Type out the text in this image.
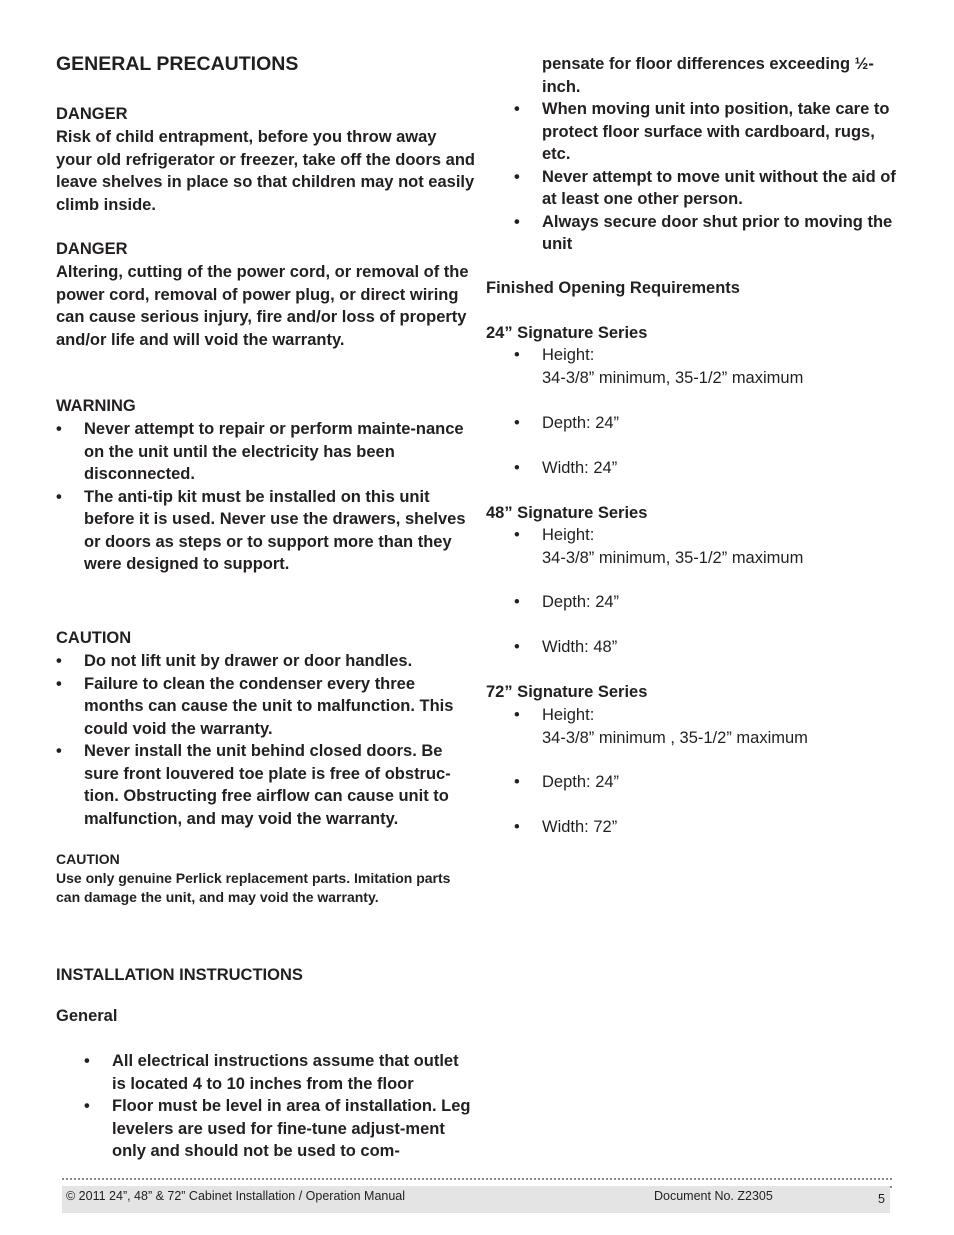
GENERAL PRECAUTIONS
DANGER
Risk of child entrapment, before you throw away your old refrigerator or freezer, take off the doors and leave shelves in place so that children may not easily climb inside.
DANGER
Altering, cutting of the power cord, or removal of the power cord, removal of power plug, or direct wiring can cause serious injury, fire and/or loss of property and/or life and will void the warranty.
WARNING
• Never attempt to repair or perform mainte-nance on the unit until the electricity has been disconnected.
• The anti-tip kit must be installed on this unit before it is used. Never use the drawers, shelves or doors as steps or to support more than they were designed to support.
CAUTION
• Do not lift unit by drawer or door handles.
• Failure to clean the condenser every three months can cause the unit to malfunction. This could void the warranty.
• Never install the unit behind closed doors. Be sure front louvered toe plate is free of obstruc-tion. Obstructing free airflow can cause unit to malfunction, and may void the warranty.
CAUTION
Use only genuine Perlick replacement parts. Imitation parts can damage the unit, and may void the warranty.
INSTALLATION INSTRUCTIONS
General
• All electrical instructions assume that outlet is located 4 to 10 inches from the floor
• Floor must be level in area of installation. Leg levelers are used for fine-tune adjust-ment only and should not be used to com-
pensate for floor differences exceeding ½-inch.
• When moving unit into position, take care to protect floor surface with cardboard, rugs, etc.
• Never attempt to move unit without the aid of at least one other person.
• Always secure door shut prior to moving the unit
Finished Opening Requirements
24” Signature Series
• Height:
34-3/8” minimum, 35-1/2” maximum
• Depth: 24”
• Width: 24”
48” Signature Series
• Height:
34-3/8” minimum, 35-1/2” maximum
• Depth: 24”
• Width: 48”
72” Signature Series
• Height:
34-3/8” minimum , 35-1/2” maximum
• Depth: 24”
• Width: 72”
© 2011 24”, 48” & 72” Cabinet Installation / Operation Manual	Document No. Z2305	5
